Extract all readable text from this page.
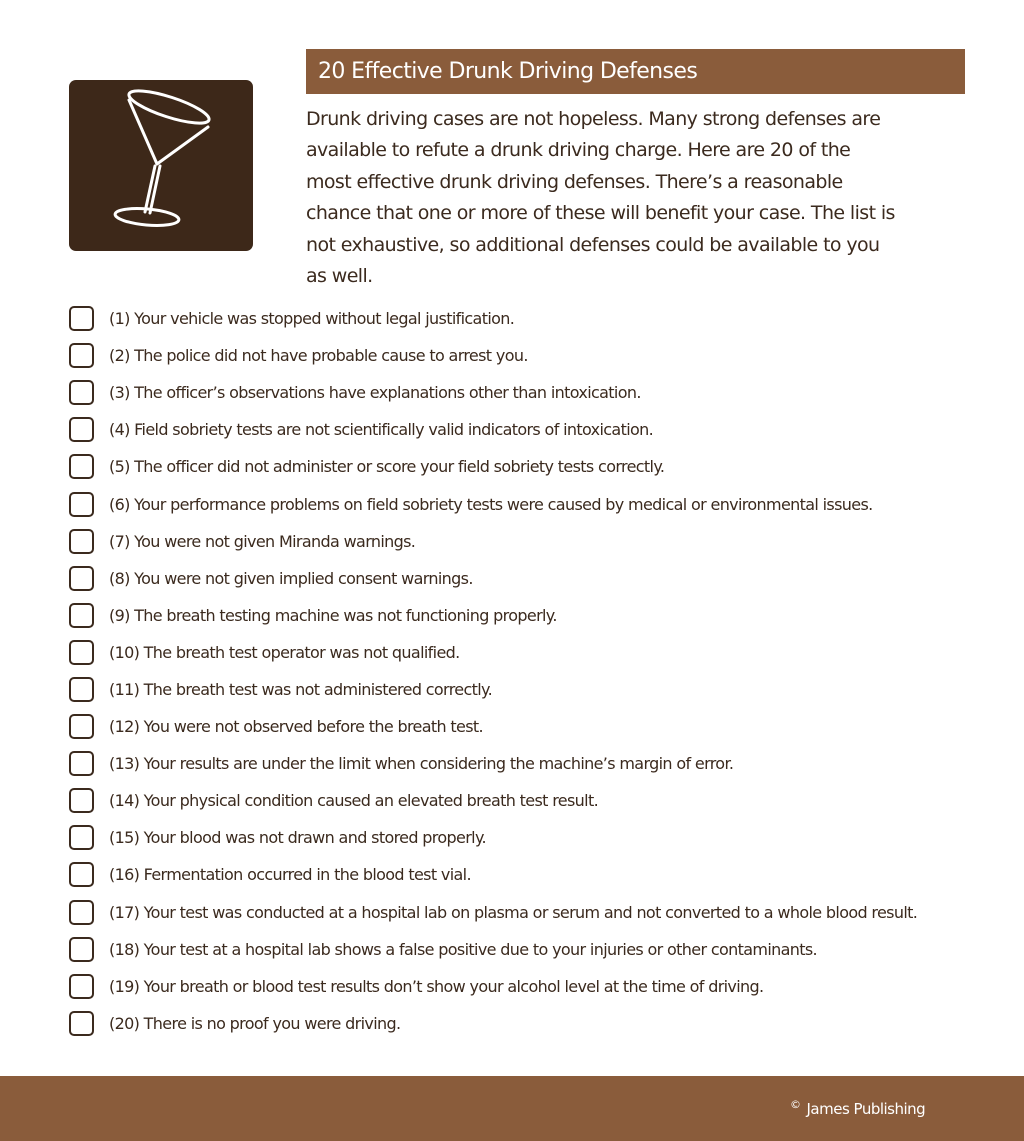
20 Effective Drunk Driving Defenses

Drunk driving cases are not hopeless. Many strong defenses are available to refute a drunk driving charge. Here are 20 of the most effective drunk driving defenses. There’s a reasonable chance that one or more of these will benefit your case. The list is not exhaustive, so additional defenses could be available to you as well.

(1) Your vehicle was stopped without legal justification.
(2) The police did not have probable cause to arrest you.
(3) The officer’s observations have explanations other than intoxication.
(4) Field sobriety tests are not scientifically valid indicators of intoxication.
(5) The officer did not administer or score your field sobriety tests correctly.
(6) Your performance problems on field sobriety tests were caused by medical or environmental issues.
(7) You were not given Miranda warnings.
(8) You were not given implied consent warnings.
(9) The breath testing machine was not functioning properly.
(10) The breath test operator was not qualified.
(11) The breath test was not administered correctly.
(12) You were not observed before the breath test.
(13) Your results are under the limit when considering the machine’s margin of error.
(14) Your physical condition caused an elevated breath test result.
(15) Your blood was not drawn and stored properly.
(16) Fermentation occurred in the blood test vial.
(17) Your test was conducted at a hospital lab on plasma or serum and not converted to a whole blood result.
(18) Your test at a hospital lab shows a false positive due to your injuries or other contaminants.
(19) Your breath or blood test results don’t show your alcohol level at the time of driving.
(20) There is no proof you were driving.
© James Publishing
